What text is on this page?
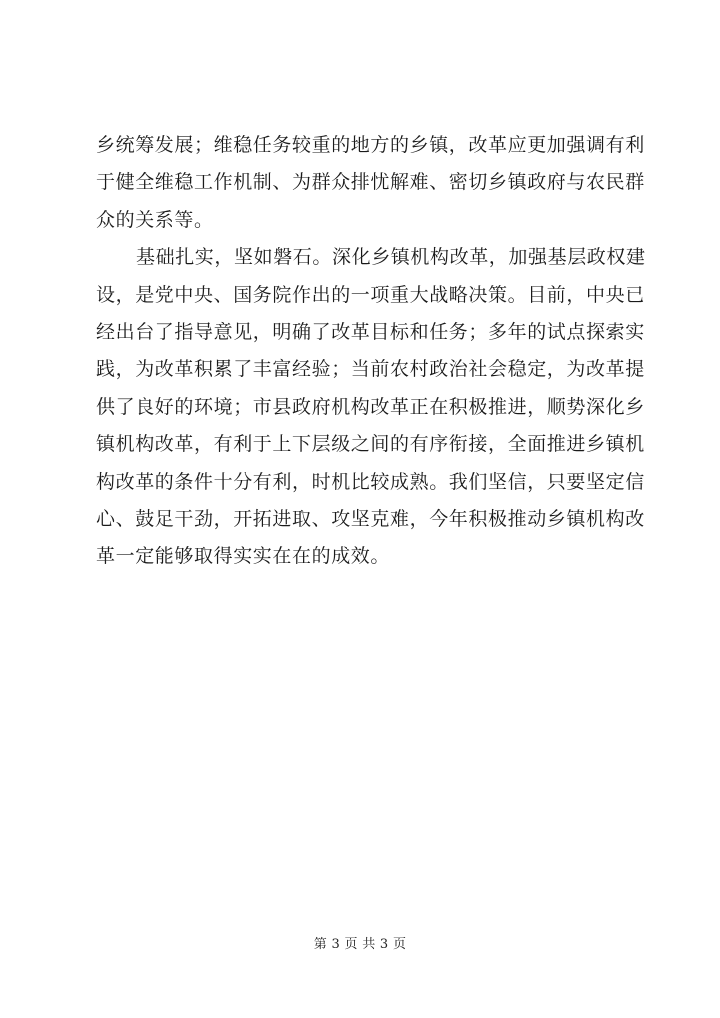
乡统筹发展；维稳任务较重的地方的乡镇，改革应更加强调有利
于健全维稳工作机制、为群众排忧解难、密切乡镇政府与农民群
众的关系等。
基础扎实，坚如磐石。深化乡镇机构改革，加强基层政权建
设，是党中央、国务院作出的一项重大战略决策。目前，中央已
经出台了指导意见，明确了改革目标和任务；多年的试点探索实
践，为改革积累了丰富经验；当前农村政治社会稳定，为改革提
供了良好的环境；市县政府机构改革正在积极推进，顺势深化乡
镇机构改革，有利于上下层级之间的有序衔接，全面推进乡镇机
构改革的条件十分有利，时机比较成熟。我们坚信，只要坚定信
心、鼓足干劲，开拓进取、攻坚克难，今年积极推动乡镇机构改
革一定能够取得实实在在的成效。
第 3 页 共 3 页
